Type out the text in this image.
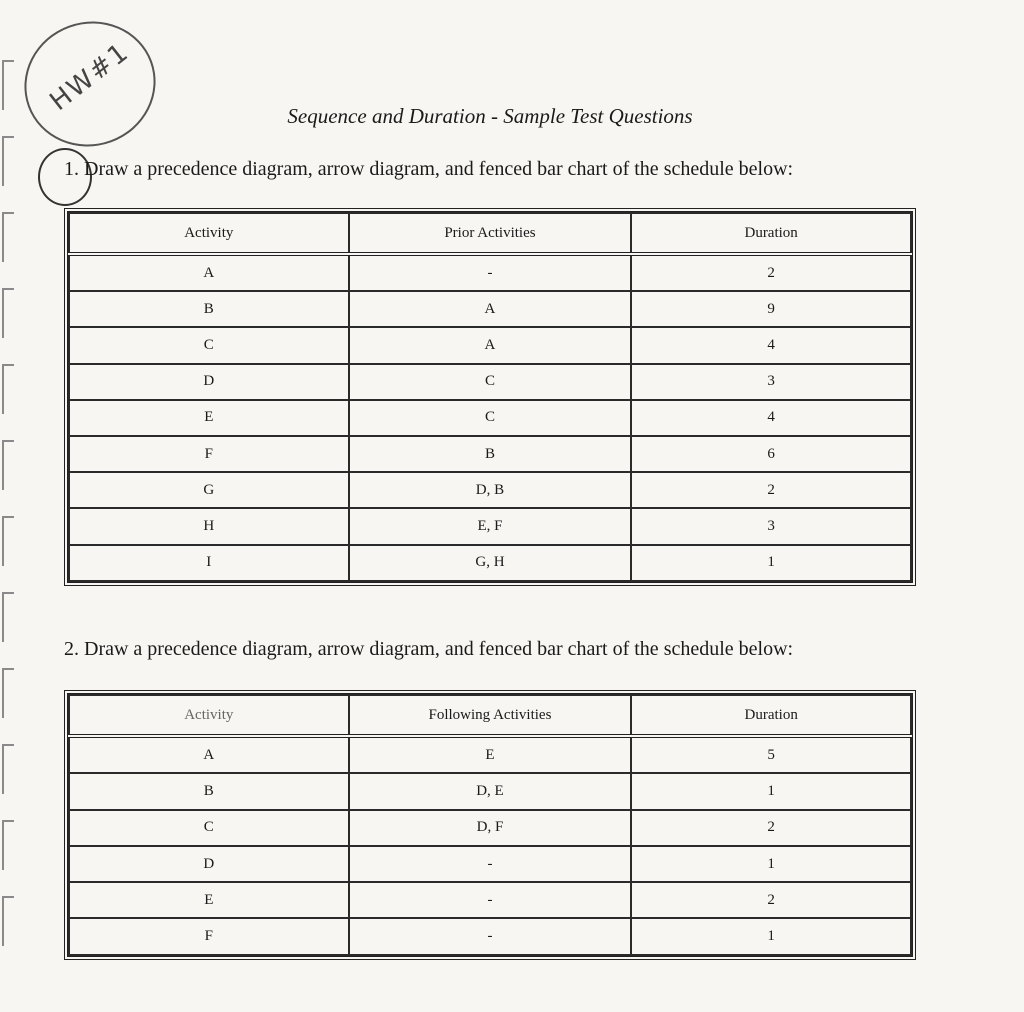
HW#1	Sequence and Duration - Sample Test Questions
1. Draw a precedence diagram, arrow diagram, and fenced bar chart of the schedule below:
Activity	Prior Activities	Duration
A	-	2
B	A	9
C	A	4
D	C	3
E	C	4
F	B	6
G	D, B	2
H	E, F	3
I	G, H	1
2. Draw a precedence diagram, arrow diagram, and fenced bar chart of the schedule below:
Activity	Following Activities	Duration
A	E	5
B	D, E	1
C	D, F	2
D	-	1
E	-	2
F	-	1
